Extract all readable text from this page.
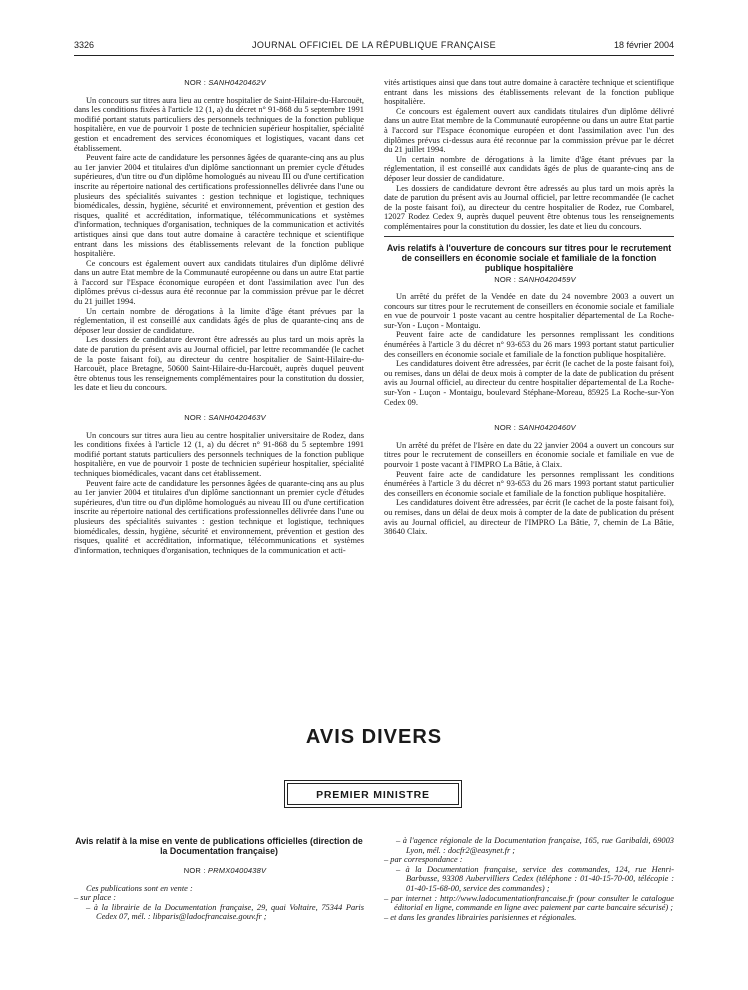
3326	JOURNAL OFFICIEL DE LA RÉPUBLIQUE FRANÇAISE	18 février 2004

NOR : SANH0420462V

Un concours sur titres aura lieu au centre hospitalier de Saint-Hilaire-du-Harcouët, dans les conditions fixées à l'article 12 (1, a) du décret n° 91-868 du 5 septembre 1991 modifié portant statuts particuliers des personnels techniques de la fonction publique hospitalière, en vue de pourvoir 1 poste de technicien supérieur hospitalier, spécialité gestion et encadrement des services économiques et logistiques, vacant dans cet établissement.

Peuvent faire acte de candidature les personnes âgées de quarante-cinq ans au plus au 1er janvier 2004 et titulaires d'un diplôme sanctionnant un premier cycle d'études supérieures, d'un titre ou d'un diplôme homologués au niveau III ou d'une certification inscrite au répertoire national des certifications professionnelles délivrée dans l'une ou plusieurs des spécialités suivantes : gestion technique et logistique, techniques biomédicales, dessin, hygiène, sécurité et environnement, prévention et gestion des risques, qualité et accréditation, informatique, télécommunications et systèmes d'information, techniques d'organisation, techniques de la communication et activités artistiques ainsi que dans tout autre domaine à caractère technique et scientifique entrant dans les missions des établissements relevant de la fonction publique hospitalière.

Ce concours est également ouvert aux candidats titulaires d'un diplôme délivré dans un autre Etat membre de la Communauté européenne ou dans un autre Etat partie à l'accord sur l'Espace économique européen et dont l'assimilation avec l'un des diplômes prévus ci-dessus aura été reconnue par la commission prévue par le décret du 21 juillet 1994.

Un certain nombre de dérogations à la limite d'âge étant prévues par la réglementation, il est conseillé aux candidats âgés de plus de quarante-cinq ans de déposer leur dossier de candidature.

Les dossiers de candidature devront être adressés au plus tard un mois après la date de parution du présent avis au Journal officiel, par lettre recommandée (le cachet de la poste faisant foi), au directeur du centre hospitalier de Saint-Hilaire-du-Harcouët, place Bretagne, 50600 Saint-Hilaire-du-Harcouët, auprès duquel peuvent être obtenus tous les renseignements complémentaires pour la constitution du dossier, les date et lieu du concours.

NOR : SANH0420463V

Un concours sur titres aura lieu au centre hospitalier universitaire de Rodez, dans les conditions fixées à l'article 12 (1, a) du décret n° 91-868 du 5 septembre 1991 modifié portant statuts particuliers des personnels techniques de la fonction publique hospitalière, en vue de pourvoir 1 poste de technicien supérieur hospitalier, spécialité techniques biomédicales, vacant dans cet établissement.

Peuvent faire acte de candidature les personnes âgées de quarante-cinq ans au plus au 1er janvier 2004 et titulaires d'un diplôme sanctionnant un premier cycle d'études supérieures, d'un titre ou d'un diplôme homologués au niveau III ou d'une certification inscrite au répertoire national des certifications professionnelles délivrée dans l'une ou plusieurs des spécialités suivantes : gestion technique et logistique, techniques biomédicales, dessin, hygiène, sécurité et environnement, prévention et gestion des risques, qualité et accréditation, informatique, télécommunications et systèmes d'information, techniques d'organisation, techniques de la communication et acti-

vités artistiques ainsi que dans tout autre domaine à caractère technique et scientifique entrant dans les missions des établissements relevant de la fonction publique hospitalière.

Ce concours est également ouvert aux candidats titulaires d'un diplôme délivré dans un autre Etat membre de la Communauté européenne ou dans un autre Etat partie à l'accord sur l'Espace économique européen et dont l'assimilation avec l'un des diplômes prévus ci-dessus aura été reconnue par la commission prévue par le décret du 21 juillet 1994.

Un certain nombre de dérogations à la limite d'âge étant prévues par la réglementation, il est conseillé aux candidats âgés de plus de quarante-cinq ans de déposer leur dossier de candidature.

Les dossiers de candidature devront être adressés au plus tard un mois après la date de parution du présent avis au Journal officiel, par lettre recommandée (le cachet de la poste faisant foi), au directeur du centre hospitalier de Rodez, rue Combarel, 12027 Rodez Cedex 9, auprès duquel peuvent être obtenus tous les renseignements complémentaires pour la constitution du dossier, les date et lieu du concours.

Avis relatifs à l'ouverture de concours sur titres pour le recrutement de conseillers en économie sociale et familiale de la fonction publique hospitalière

NOR : SANH0420459V

Un arrêté du préfet de la Vendée en date du 24 novembre 2003 a ouvert un concours sur titres pour le recrutement de conseillers en économie sociale et familiale en vue de pourvoir 1 poste vacant au centre hospitalier départemental de La Roche-sur-Yon - Luçon - Montaigu.

Peuvent faire acte de candidature les personnes remplissant les conditions énumérées à l'article 3 du décret n° 93-653 du 26 mars 1993 portant statut particulier des conseillers en économie sociale et familiale de la fonction publique hospitalière.

Les candidatures doivent être adressées, par écrit (le cachet de la poste faisant foi), ou remises, dans un délai de deux mois à compter de la date de publication du présent avis au Journal officiel, au directeur du centre hospitalier départemental de La Roche-sur-Yon - Luçon - Montaigu, boulevard Stéphane-Moreau, 85925 La Roche-sur-Yon Cedex 09.

NOR : SANH0420460V

Un arrêté du préfet de l'Isère en date du 22 janvier 2004 a ouvert un concours sur titres pour le recrutement de conseillers en économie sociale et familiale en vue de pourvoir 1 poste vacant à l'IMPRO La Bâtie, à Claix.

Peuvent faire acte de candidature les personnes remplissant les conditions énumérées à l'article 3 du décret n° 93-653 du 26 mars 1993 portant statut particulier des conseillers en économie sociale et familiale de la fonction publique hospitalière.

Les candidatures doivent être adressées, par écrit (le cachet de la poste faisant foi), ou remises, dans un délai de deux mois à compter de la date de publication du présent avis au Journal officiel, au directeur de l'IMPRO La Bâtie, 7, chemin de La Bâtie, 38640 Claix.

AVIS DIVERS
PREMIER MINISTRE

Avis relatif à la mise en vente de publications officielles (direction de la Documentation française)

NOR : PRMX0400438V

Ces publications sont en vente :

– sur place :

– à la librairie de la Documentation française, 29, quai Voltaire, 75344 Paris Cedex 07, mél. : libparis@ladocfrancaise.gouv.fr ;

– à l'agence régionale de la Documentation française, 165, rue Garibaldi, 69003 Lyon, mél. : docfr2@easynet.fr ;

– par correspondance :

– à la Documentation française, service des commandes, 124, rue Henri-Barbusse, 93308 Aubervilliers Cedex (téléphone : 01-40-15-70-00, télécopie : 01-40-15-68-00, service des commandes) ;

– par internet : http://www.ladocumentationfrancaise.fr (pour consulter le catalogue éditorial en ligne, commande en ligne avec paiement par carte bancaire sécurisé) ;

– et dans les grandes librairies parisiennes et régionales.
